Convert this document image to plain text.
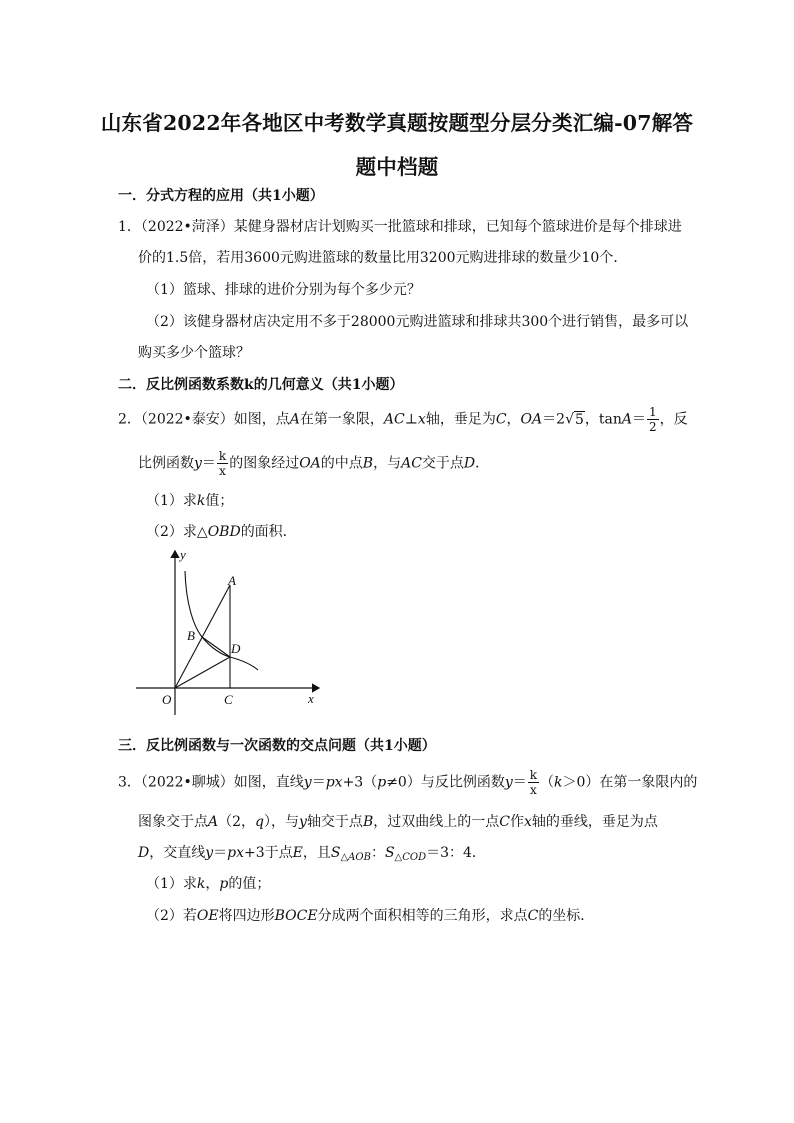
山东省2022年各地区中考数学真题按题型分层分类汇编-07解答
题中档题
一．分式方程的应用（共1小题）
1．（2022•菏泽）某健身器材店计划购买一批篮球和排球，已知每个篮球进价是每个排球进
价的1.5倍，若用3600元购进篮球的数量比用3200元购进排球的数量少10个．
（1）篮球、排球的进价分别为每个多少元？
（2）该健身器材店决定用不多于28000元购进篮球和排球共300个进行销售，最多可以
购买多少个篮球？
二．反比例函数系数k的几何意义（共1小题）
2．（2022•泰安）如图，点A在第一象限，AC⊥x轴，垂足为C，OA＝2√5，$\tan A= \frac{1}{2}$ ，反
比例函数$y= \frac{k}{x}$ 的图象经过OA的中点B，与AC交于点D．
（1）求k值；
（2）求△OBD的面积．
y
x
O
A
B
C
D
三．反比例函数与一次函数的交点问题（共1小题）
3．（2022•聊城）如图，直线y＝px+3（p≠0）与反比例函数$y= \frac{k}{x} (k>0)$在第一象限内的
图象交于点A（2，q），与y轴交于点B，过双曲线上的一点C作x轴的垂线，垂足为点
D，交直线y＝px+3于点E，且$S_{\triangle AOB}$：$S_{\triangle COD}=3$：4．
（1）求k，p的值；
（2）若OE将四边形BOCE分成两个面积相等的三角形，求点C的坐标．
